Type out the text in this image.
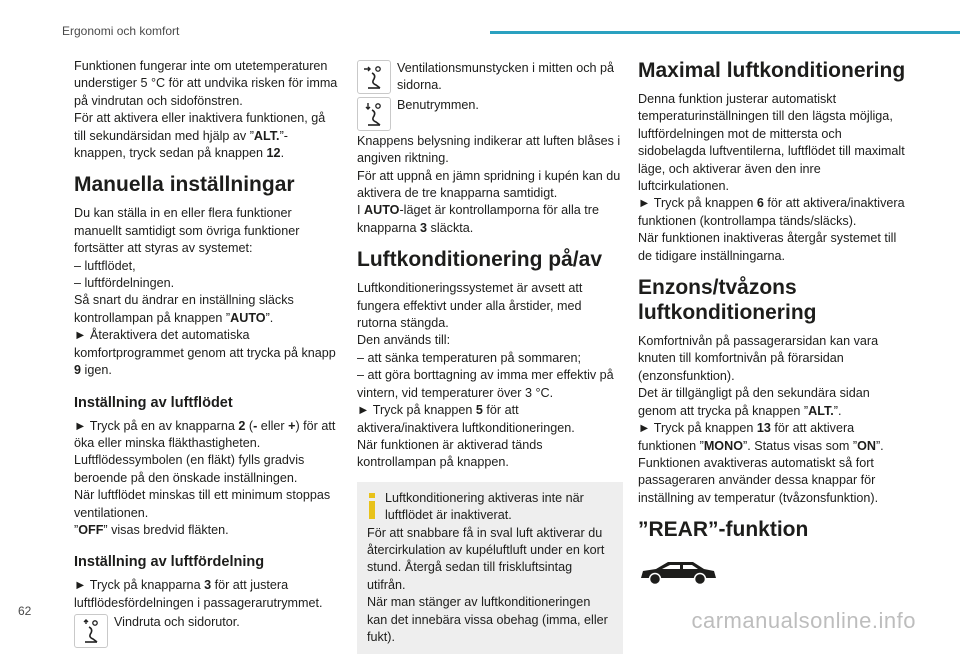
Ergonomi och komfort

Funktionen fungerar inte om utetemperaturen understiger 5 °C för att undvika risken för imma på vindrutan och sidofönstren.

För att aktivera eller inaktivera funktionen, gå till sekundärsidan med hjälp av ”ALT.”-knappen, tryck sedan på knappen 12.

Manuella inställningar

Du kan ställa in en eller flera funktioner manuellt samtidigt som övriga funktioner fortsätter att styras av systemet:

– luftflödet,

– luftfördelningen.

Så snart du ändrar en inställning släcks kontrollampan på knappen ”AUTO”.

► Återaktivera det automatiska komfortprogrammet genom att trycka på knapp 9 igen.

Inställning av luftflödet

► Tryck på en av knapparna 2 (- eller +) för att öka eller minska fläkthastigheten.

Luftflödessymbolen (en fläkt) fylls gradvis beroende på den önskade inställningen.

När luftflödet minskas till ett minimum stoppas ventilationen.

”OFF” visas bredvid fläkten.

Inställning av luftfördelning

► Tryck på knapparna 3 för att justera luftflödesfördelningen i passagerarutrymmet.

Vindruta och sidorutor.
Ventilationsmunstycken i mitten och på sidorna.
Benutrymmen.

Knappens belysning indikerar att luften blåses i angiven riktning.

För att uppnå en jämn spridning i kupén kan du aktivera de tre knapparna samtidigt.

I AUTO-läget är kontrollamporna för alla tre knapparna 3 släckta.

Luftkonditionering på/av

Luftkonditioneringssystemet är avsett att fungera effektivt under alla årstider, med rutorna stängda.

Den används till:

– att sänka temperaturen på sommaren;

– att göra borttagning av imma mer effektiv på vintern, vid temperaturer över 3 °C.

► Tryck på knappen 5 för att aktivera/inaktivera luftkonditioneringen.

När funktionen är aktiverad tänds kontrollampan på knappen.

Luftkonditionering aktiveras inte när luftflödet är inaktiverat.

För att snabbare få in sval luft aktiverar du återcirkulation av kupéluftluft under en kort stund. Återgå sedan till friskluftsintag utifrån.

När man stänger av luftkonditioneringen kan det innebära vissa obehag (imma, eller fukt).

Maximal luftkonditionering

Denna funktion justerar automatiskt temperaturinställningen till den lägsta möjliga, luftfördelningen mot de mittersta och sidobelagda luftventilerna, luftflödet till maximalt läge, och aktiverar även den inre luftcirkulationen.

► Tryck på knappen 6 för att aktivera/inaktivera funktionen (kontrollampa tänds/släcks).

När funktionen inaktiveras återgår systemet till de tidigare inställningarna.

Enzons/tvåzons luftkonditionering

Komfortnivån på passagerarsidan kan vara knuten till komfortnivån på förarsidan (enzonsfunktion).

Det är tillgängligt på den sekundära sidan genom att trycka på knappen ”ALT.”.

► Tryck på knappen 13 för att aktivera funktionen ”MONO”. Status visas som ”ON”.

Funktionen avaktiveras automatiskt så fort passageraren använder dessa knappar för inställning av temperatur (tvåzonsfunktion).

”REAR”-funktion
62	carmanualsonline.info
